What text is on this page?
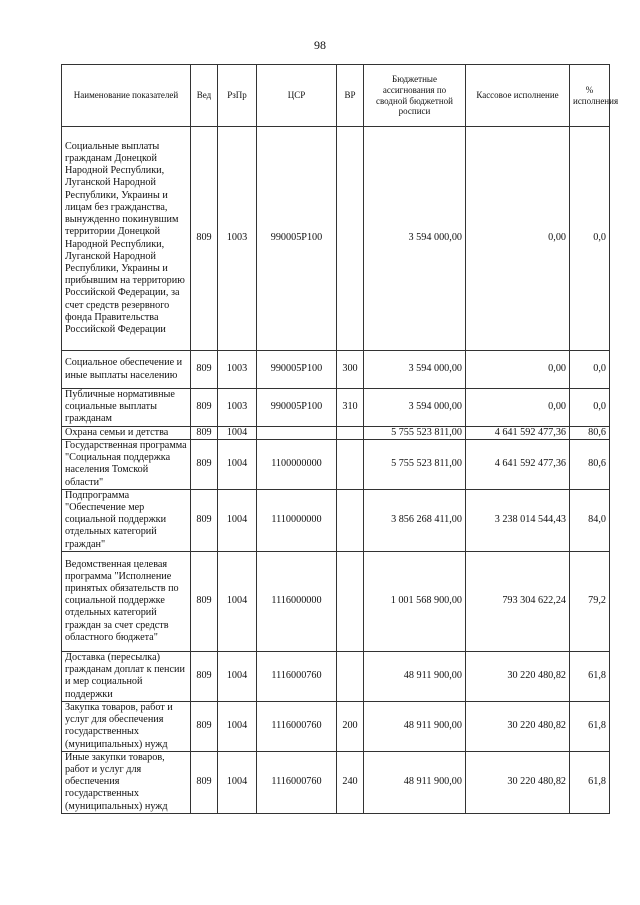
98
Наименование показателей	Вед	РзПр	ЦСР	ВР	Бюджетные ассигнования по сводной бюджетной росписи	Кассовое исполнение	% исполнения
Социальные выплаты гражданам Донецкой Народной Республики, Луганской Народной Республики, Украины и лицам без гражданства, вынужденно покинувшим территории Донецкой Народной Республики, Луганской Народной Республики, Украины и прибывшим на территорию Российской Федерации, за счет средств резервного фонда Правительства Российской Федерации	809	1003	990005Р100		3 594 000,00	0,00	0,0
Социальное обеспечение и иные выплаты населению	809	1003	990005Р100	300	3 594 000,00	0,00	0,0
Публичные нормативные социальные выплаты гражданам	809	1003	990005Р100	310	3 594 000,00	0,00	0,0
Охрана семьи и детства	809	1004			5 755 523 811,00	4 641 592 477,36	80,6
Государственная программа "Социальная поддержка населения Томской области"	809	1004	1100000000		5 755 523 811,00	4 641 592 477,36	80,6
Подпрограмма "Обеспечение мер социальной поддержки отдельных категорий граждан"	809	1004	1110000000		3 856 268 411,00	3 238 014 544,43	84,0
Ведомственная целевая программа "Исполнение принятых обязательств по социальной поддержке отдельных категорий граждан за счет средств областного бюджета"	809	1004	1116000000		1 001 568 900,00	793 304 622,24	79,2
Доставка (пересылка) гражданам доплат к пенсии и мер социальной поддержки	809	1004	1116000760		48 911 900,00	30 220 480,82	61,8
Закупка товаров, работ и услуг для обеспечения государственных (муниципальных) нужд	809	1004	1116000760	200	48 911 900,00	30 220 480,82	61,8
Иные закупки товаров, работ и услуг для обеспечения государственных (муниципальных) нужд	809	1004	1116000760	240	48 911 900,00	30 220 480,82	61,8
